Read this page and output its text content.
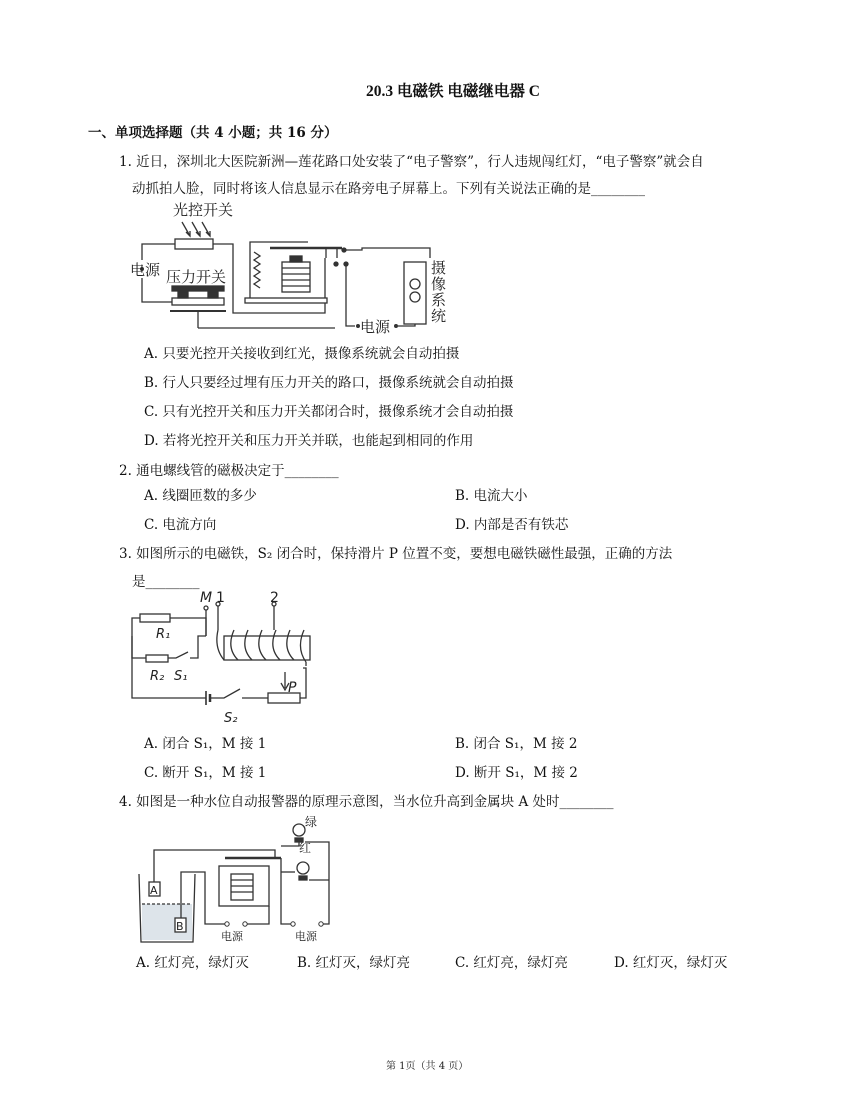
20.3 电磁铁 电磁继电器 C
一、单项选择题（共 4 小题；共 16 分）
1. 近日，深圳北大医院新洲—莲花路口处安装了“电子警察”，行人违规闯红灯，“电子警察”就会自
动抓拍人脸，同时将该人信息显示在路旁电子屏幕上。下列有关说法正确的是________
光控开关
电源 压力开关
电源
摄
像
系
统
A. 只要光控开关接收到红光，摄像系统就会自动拍摄
B. 行人只要经过埋有压力开关的路口，摄像系统就会自动拍摄
C. 只有光控开关和压力开关都闭合时，摄像系统才会自动拍摄
D. 若将光控开关和压力开关并联，也能起到相同的作用
2. 通电螺线管的磁极决定于________
A. 线圈匝数的多少	B. 电流大小
C. 电流方向	D. 内部是否有铁芯
3. 如图所示的电磁铁，S₂ 闭合时，保持滑片 P 位置不变，要想电磁铁磁性最强，正确的方法
是________
M 1	2
R₁
R₂ S₁
S₂
P
A. 闭合 S₁，M 接 1	B. 闭合 S₁，M 接 2
C. 断开 S₁，M 接 1	D. 断开 S₁，M 接 2
4. 如图是一种水位自动报警器的原理示意图，当水位升高到金属块 A 处时________
绿
红
A
B
电源	电源
A. 红灯亮，绿灯灭	B. 红灯灭，绿灯亮	C. 红灯亮，绿灯亮	D. 红灯灭，绿灯灭
第 1页（共 4 页）
